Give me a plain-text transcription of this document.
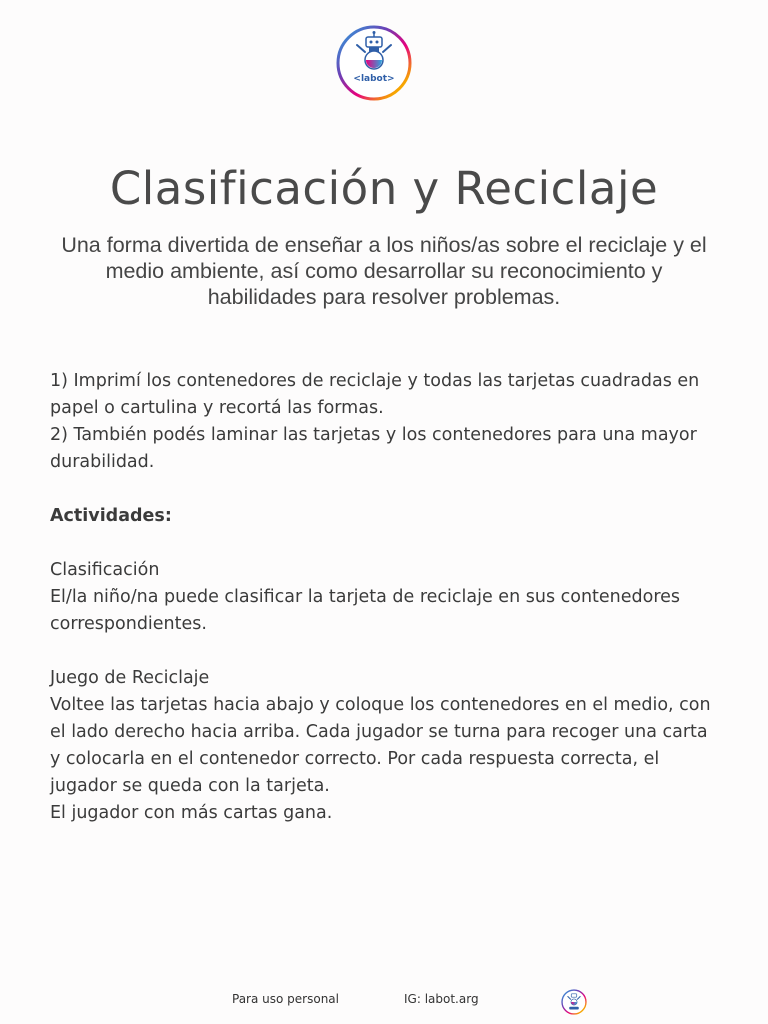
<labot>
Clasificación y Reciclaje
Una forma divertida de enseñar a los niños/as sobre el reciclaje y el medio ambiente, así como desarrollar su reconocimiento y habilidades para resolver problemas.

1) Imprimí los contenedores de reciclaje y todas las tarjetas cuadradas en papel o cartulina y recortá las formas.

2) También podés laminar las tarjetas y los contenedores para una mayor durabilidad.

Actividades:

Clasificación

El/la niño/na puede clasificar la tarjeta de reciclaje en sus contenedores correspondientes.

Juego de Reciclaje

Voltee las tarjetas hacia abajo y coloque los contenedores en el medio, con el lado derecho hacia arriba. Cada jugador se turna para recoger una carta y colocarla en el contenedor correcto. Por cada respuesta correcta, el jugador se queda con la tarjeta.

El jugador con más cartas gana.

Para uso personal	IG: labot.arg
